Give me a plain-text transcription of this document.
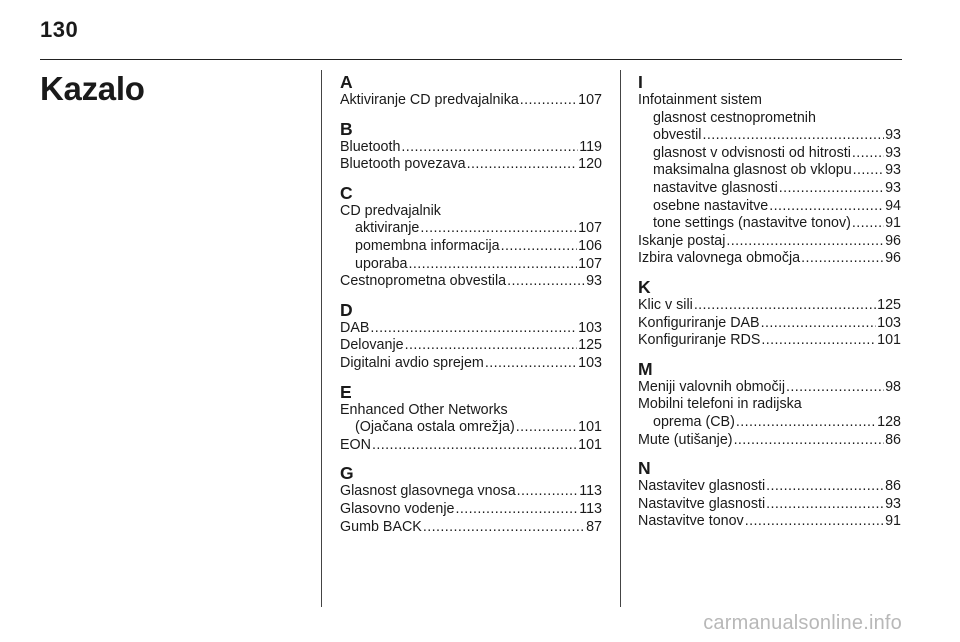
130
Kazalo	A
Aktiviranje CD predvajalnika .....	107
B
Bluetooth .....	119
Bluetooth povezava .....	120
C
CD predvajalnik
aktiviranje .....	107
pomembna informacija .....	106
uporaba .....	107
Cestnoprometna obvestila .....	93
D
DAB .....	103
Delovanje .....	125
Digitalni avdio sprejem .....	103
E
Enhanced Other Networks
(Ojačana ostala omrežja) .....	101
EON .....	101
G
Glasnost glasovnega vnosa .....	113
Glasovno vodenje .....	113
Gumb BACK .....	87
I
Infotainment sistem
glasnost cestnoprometnih
obvestil .....	93
glasnost v odvisnosti od hitrosti ..... 93
maksimalna glasnost ob vklopu ..... 93
nastavitve glasnosti .....	93
osebne nastavitve .....	94
tone settings (nastavitve tonov) ..... 91
Iskanje postaj .....	96
Izbira valovnega območja .....	96
K
Klic v sili .....	125
Konfiguriranje DAB .....	103
Konfiguriranje RDS .....	101
M
Meniji valovnih območij .....	98
Mobilni telefoni in radijska
oprema (CB) .....	128
Mute (utišanje) .....	86
N
Nastavitev glasnosti .....	86
Nastavitve glasnosti .....	93
Nastavitve tonov .....	91
carmanualsonline.info
